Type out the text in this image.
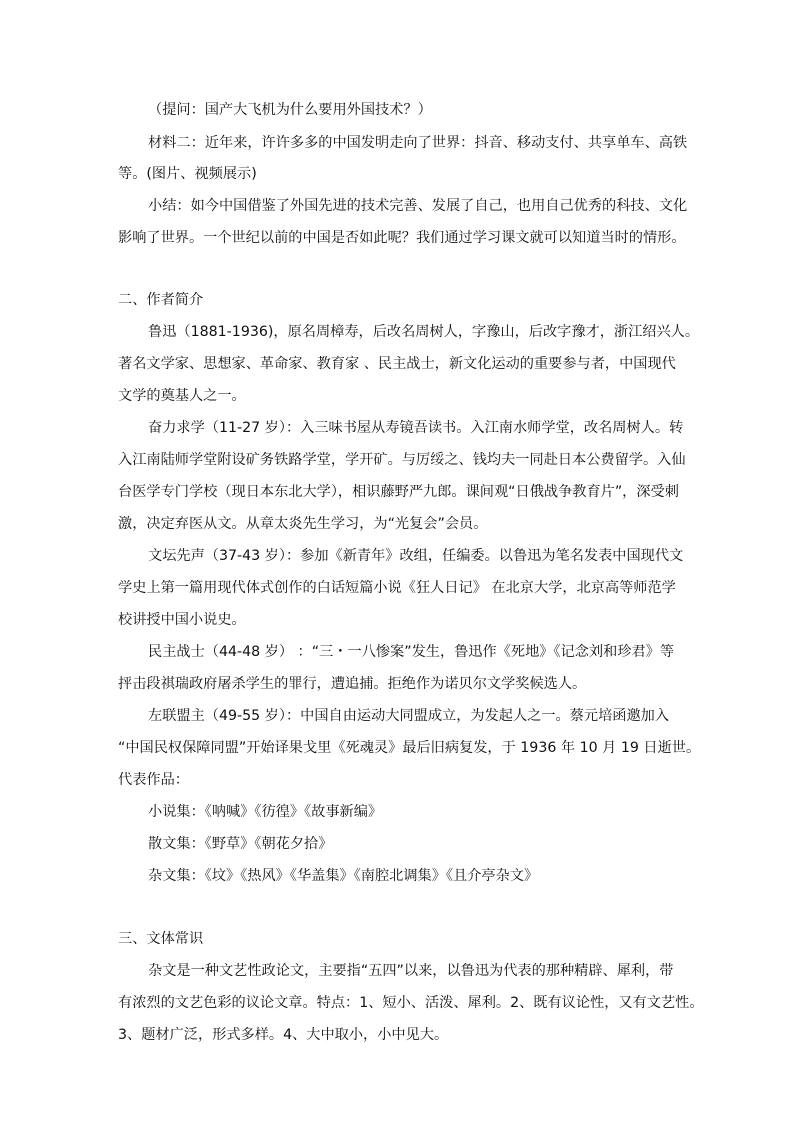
（提问：国产大飞机为什么要用外国技术？）
材料二：近年来，许许多多的中国发明走向了世界：抖音、移动支付、共享单车、高铁
等。(图片、视频展示)
小结：如今中国借鉴了外国先进的技术完善、发展了自己，也用自己优秀的科技、文化
影响了世界。一个世纪以前的中国是否如此呢？我们通过学习课文就可以知道当时的情形。
二、作者简介
鲁迅（1881-1936)，原名周樟寿，后改名周树人，字豫山，后改字豫才，浙江绍兴人。
著名文学家、思想家、革命家、教育家 、民主战士，新文化运动的重要参与者，中国现代
文学的奠基人之一。
奋力求学（11-27 岁）：入三味书屋从寿镜吾读书。入江南水师学堂，改名周树人。转
入江南陆师学堂附设矿务铁路学堂，学开矿。与厉绥之、钱均夫一同赴日本公费留学。入仙
台医学专门学校（现日本东北大学），相识藤野严九郎。课间观“日俄战争教育片”，深受刺
激，决定弃医从文。从章太炎先生学习，为“光复会”会员。
文坛先声（37-43 岁）：参加《新青年》改组，任编委。以鲁迅为笔名发表中国现代文
学史上第一篇用现代体式创作的白话短篇小说《狂人日记》 在北京大学，北京高等师范学
校讲授中国小说史。
民主战士（44-48 岁） ：“三・一八惨案”发生，鲁迅作《死地》《记念刘和珍君》等
抨击段祺瑞政府屠杀学生的罪行，遭追捕。拒绝作为诺贝尔文学奖候选人。
左联盟主（49-55 岁）：中国自由运动大同盟成立，为发起人之一。蔡元培函邀加入
“中国民权保障同盟”开始译果戈里《死魂灵》最后旧病复发，于 1936 年 10 月 19 日逝世。
代表作品：
小说集：《呐喊》《彷徨》《故事新编》
散文集：《野草》《朝花夕拾》
杂文集：《坟》《热风》《华盖集》《南腔北调集》《且介亭杂文》
三、文体常识
杂文是一种文艺性政论文，主要指“五四”以来，以鲁迅为代表的那种精辟、犀利，带
有浓烈的文艺色彩的议论文章。特点：1、短小、活泼、犀利。2、既有议论性，又有文艺性。
3、题材广泛，形式多样。4、大中取小，小中见大。
